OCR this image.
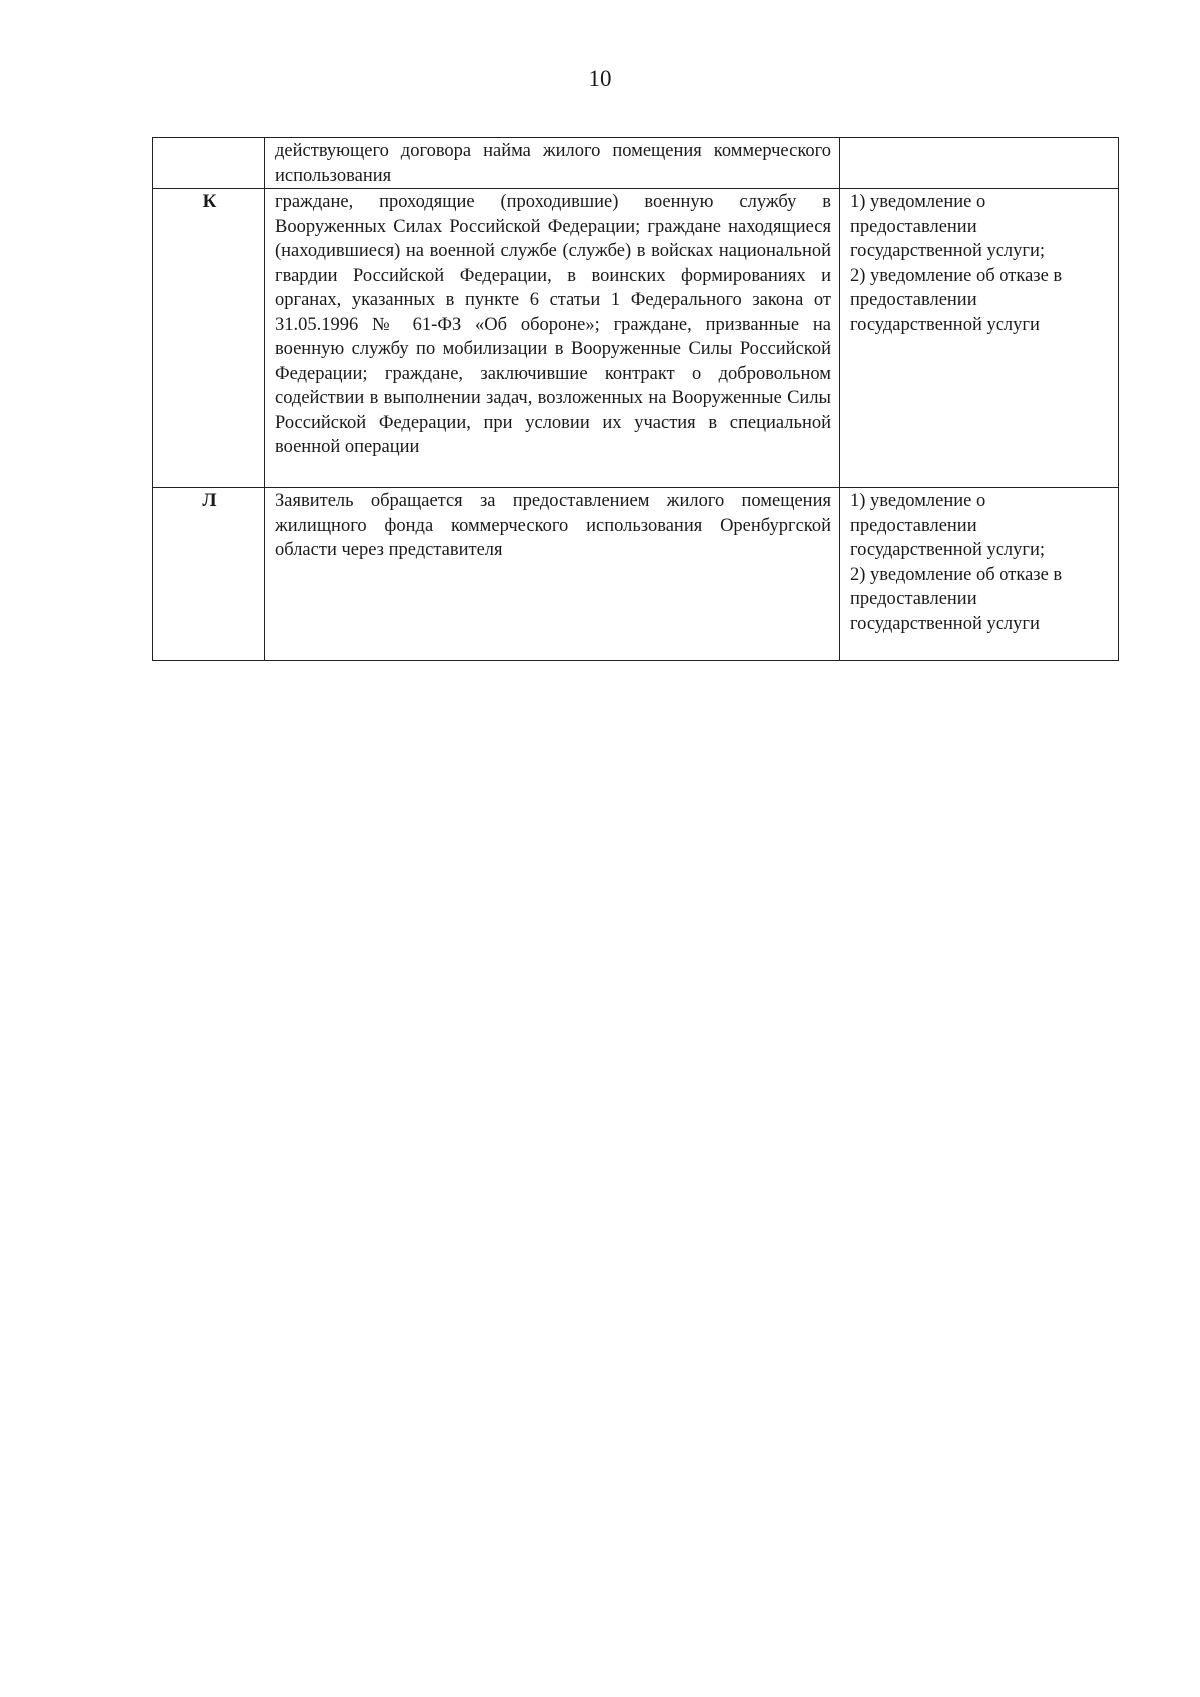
10
	действующего договора найма жилого помещения коммерческого использования	
К	граждане, проходящие (проходившие) военную службу в Вооруженных Силах Российской Федерации; граждане находящиеся (находившиеся) на военной службе (службе) в войсках национальной гвардии Российской Федерации, в воинских формированиях и органах, указанных в пункте 6 статьи 1 Федерального закона от 31.05.1996 № 61-ФЗ «Об обороне»; граждане, призванные на военную службу по мобилизации в Вооруженные Силы Российской Федерации; граждане, заключившие контракт о добровольном содействии в выполнении задач, возложенных на Вооруженные Силы Российской Федерации, при условии их участия в специальной военной операции	1) уведомление о предоставлении государственной услуги;
2) уведомление об отказе в предоставлении государственной услуги

Л	Заявитель обращается за предоставлением жилого помещения жилищного фонда коммерческого использования Оренбургской области через представителя	1) уведомление о предоставлении государственной услуги;
2) уведомление об отказе в предоставлении государственной услуги
